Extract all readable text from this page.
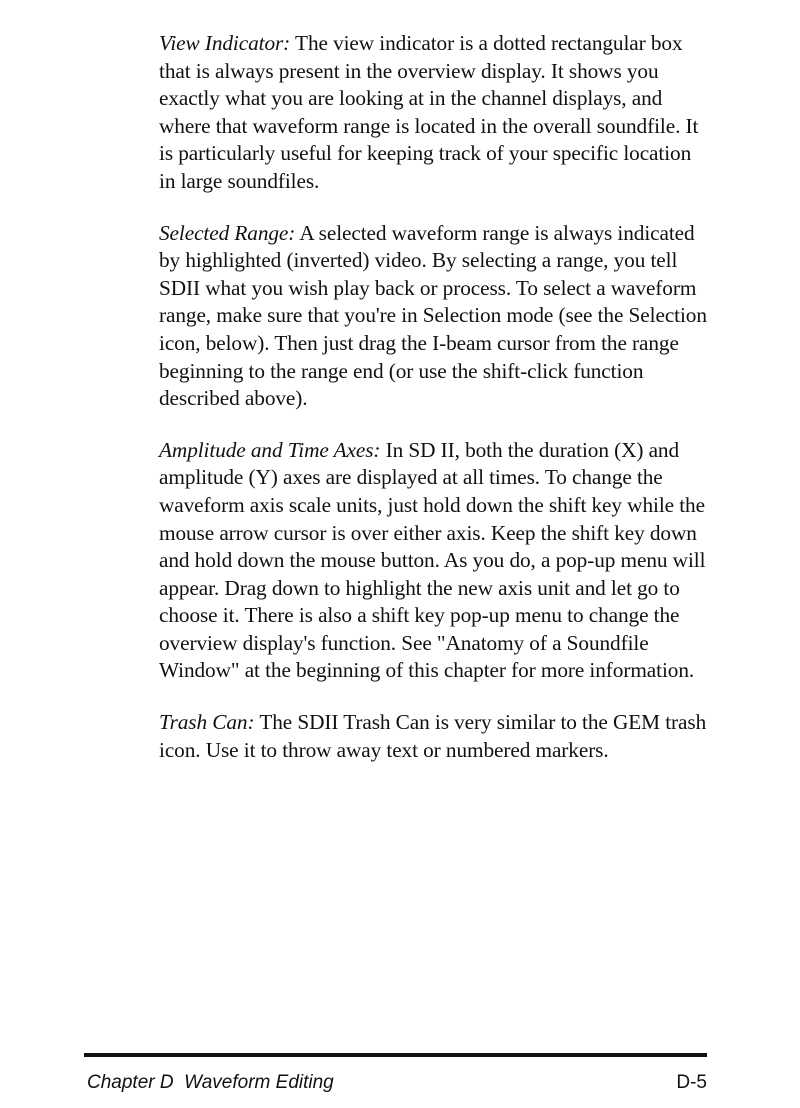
View Indicator: The view indicator is a dotted rectangular box that is always present in the overview display. It shows you exactly what you are looking at in the channel displays, and where that waveform range is located in the overall soundfile. It is particularly useful for keeping track of your specific location in large soundfiles.

Selected Range: A selected waveform range is always indicated by highlighted (inverted) video. By selecting a range, you tell SDII what you wish play back or process. To select a waveform range, make sure that you're in Selection mode (see the Selection icon, below). Then just drag the I-beam cursor from the range beginning to the range end (or use the shift-click function described above).

Amplitude and Time Axes: In SD II, both the duration (X) and amplitude (Y) axes are displayed at all times. To change the waveform axis scale units, just hold down the shift key while the mouse arrow cursor is over either axis. Keep the shift key down and hold down the mouse button. As you do, a pop-up menu will appear. Drag down to highlight the new axis unit and let go to choose it. There is also a shift key pop-up menu to change the overview display's function. See "Anatomy of a Soundfile Window" at the beginning of this chapter for more information.

Trash Can: The SDII Trash Can is very similar to the GEM trash icon. Use it to throw away text or numbered markers.

Chapter D  Waveform Editing	D-5
